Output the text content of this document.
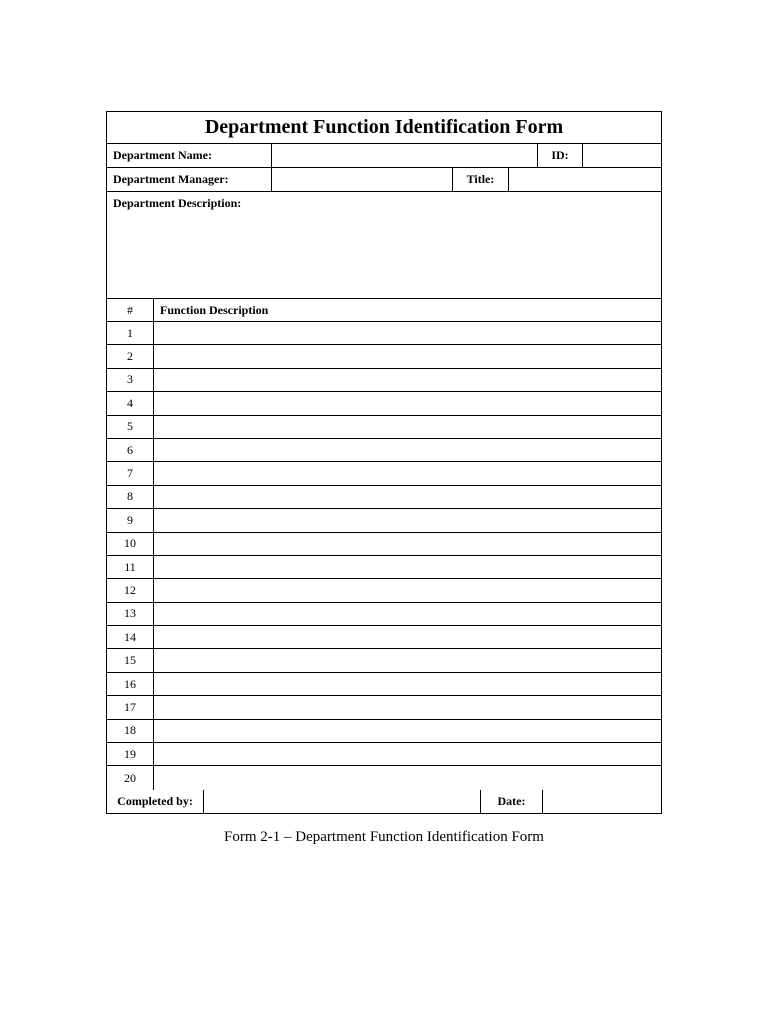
Department Function Identification Form
Department Name:	ID:
Department Manager:	Title:
Department Description:
#	Function Description
1
2
3
4
5
6
7
8
9
10
11
12
13
14
15
16
17
18
19
20
Completed by:	Date:
Form 2-1 – Department Function Identification Form
